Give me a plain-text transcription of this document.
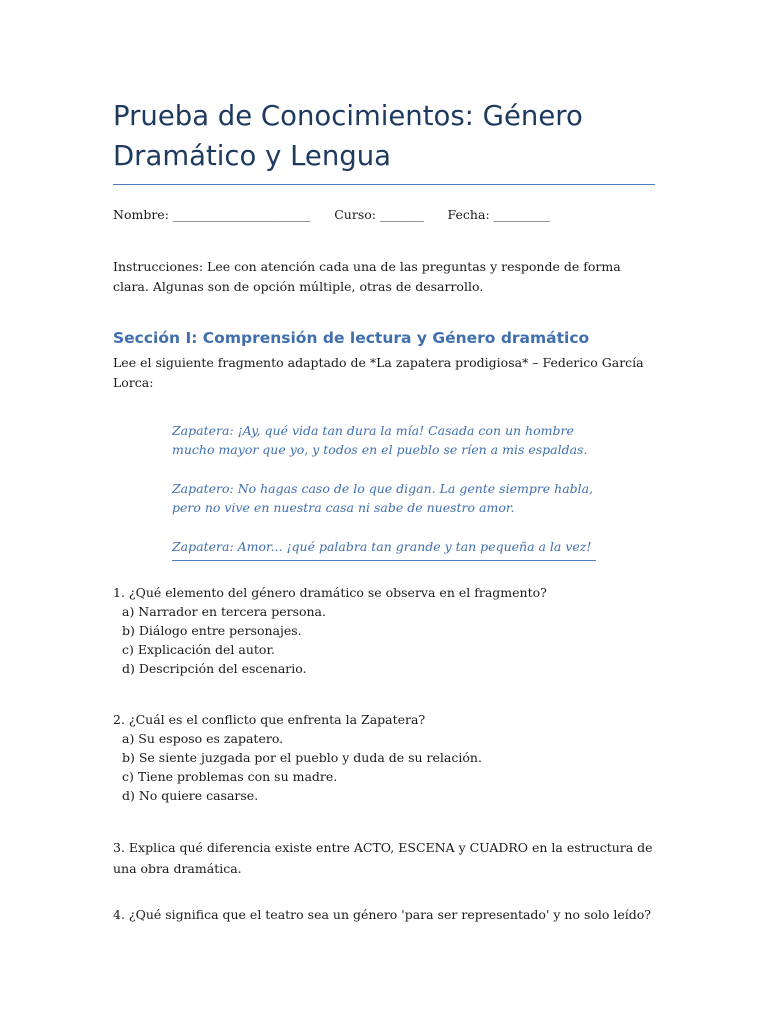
Prueba de Conocimientos: Género Dramático y Lengua
Nombre: ______________________ Curso: _______ Fecha: _________

Instrucciones: Lee con atención cada una de las preguntas y responde de forma clara. Algunas son de opción múltiple, otras de desarrollo.

Sección I: Comprensión de lectura y Género dramático

Lee el siguiente fragmento adaptado de *La zapatera prodigiosa* – Federico García Lorca:

Zapatera: ¡Ay, qué vida tan dura la mía! Casada con un hombre mucho mayor que yo, y todos en el pueblo se ríen a mis espaldas.

Zapatero: No hagas caso de lo que digan. La gente siempre habla, pero no vive en nuestra casa ni sabe de nuestro amor.

Zapatera: Amor... ¡qué palabra tan grande y tan pequeña a la vez!

1. ¿Qué elemento del género dramático se observa en el fragmento?

a) Narrador en tercera persona.

b) Diálogo entre personajes.

c) Explicación del autor.

d) Descripción del escenario.

2. ¿Cuál es el conflicto que enfrenta la Zapatera?

a) Su esposo es zapatero.

b) Se siente juzgada por el pueblo y duda de su relación.

c) Tiene problemas con su madre.

d) No quiere casarse.

3. Explica qué diferencia existe entre ACTO, ESCENA y CUADRO en la estructura de una obra dramática.

4. ¿Qué significa que el teatro sea un género 'para ser representado' y no solo leído?
